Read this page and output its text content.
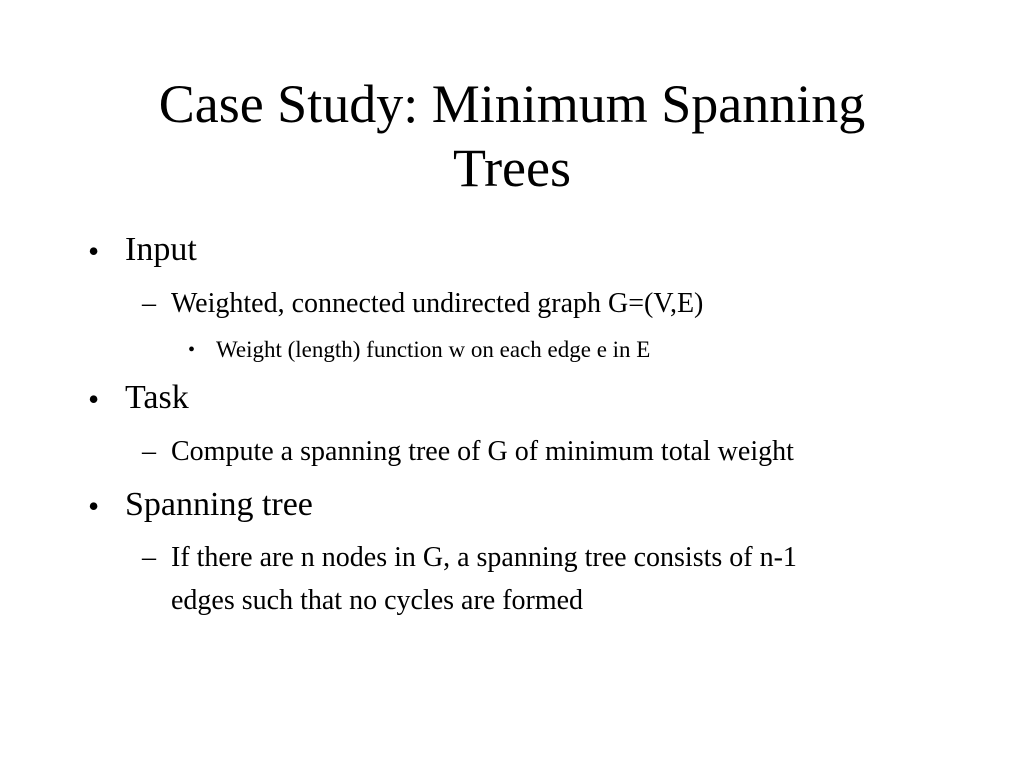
Case Study: Minimum Spanning
Trees
• Input
– Weighted, connected undirected graph G=(V,E)
• Weight (length) function w on each edge e in E
• Task
– Compute a spanning tree of G of minimum total weight
• Spanning tree
– If there are n nodes in G, a spanning tree consists of n-1
edges such that no cycles are formed
